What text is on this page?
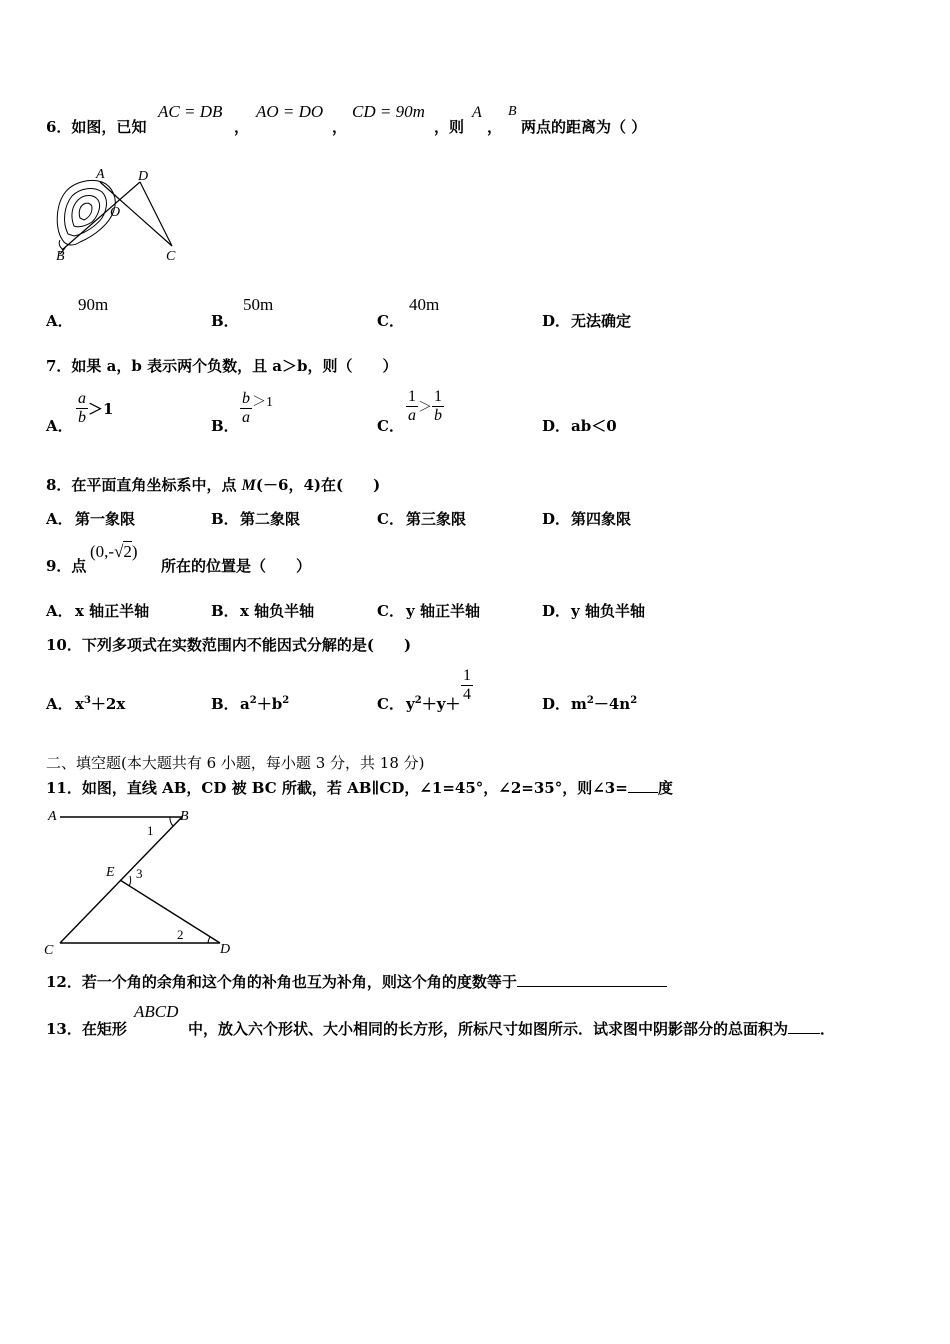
6．如图，已知
AC = DB
，
AO = DO
，
CD = 90m
，则
A
，
B
两点的距离为（ ）
A D
O
B	C
A．
90m
B．
50m
C．
40m
D． 无法确定
7．如果 a，b 表示两个负数，且 a＞b，则（　　）
A． $\frac{a}{b} >1$
B． $\frac{b}{a} >1$
C．
$\frac{1}{a} > \frac{1}{b}$
D． ab＜0
8．在平面直角坐标系中，点 M(－6，4)在(　　)
A． 第一象限	B． 第二象限	C． 第三象限	D． 第四象限
9．点
(0,-√2)
所在的位置是（　　）
A． x 轴正半轴	B． x 轴负半轴	C． y 轴正半轴	D． y 轴负半轴
10．下列多项式在实数范围内不能因式分解的是(　　)
A． $x^3+2x$	B． $a^2+b^2$	C． $y^2+y+ \frac{1}{4}$	D． $m^2-4n^2$
二、填空题(本大题共有 6 小题，每小题 3 分，共 18 分)
11．如图，直线 AB，CD 被 BC 所截，若 AB∥CD，∠1=45°，∠2=35°，则∠3= 度
A	B
E
C	D
1
2
3
12．若一个角的余角和这个角的补角也互为补角，则这个角的度数等于
13．在矩形
ABCD
中，放入六个形状、大小相同的长方形，所标尺寸如图所示．试求图中阴影部分的总面积为 ．
